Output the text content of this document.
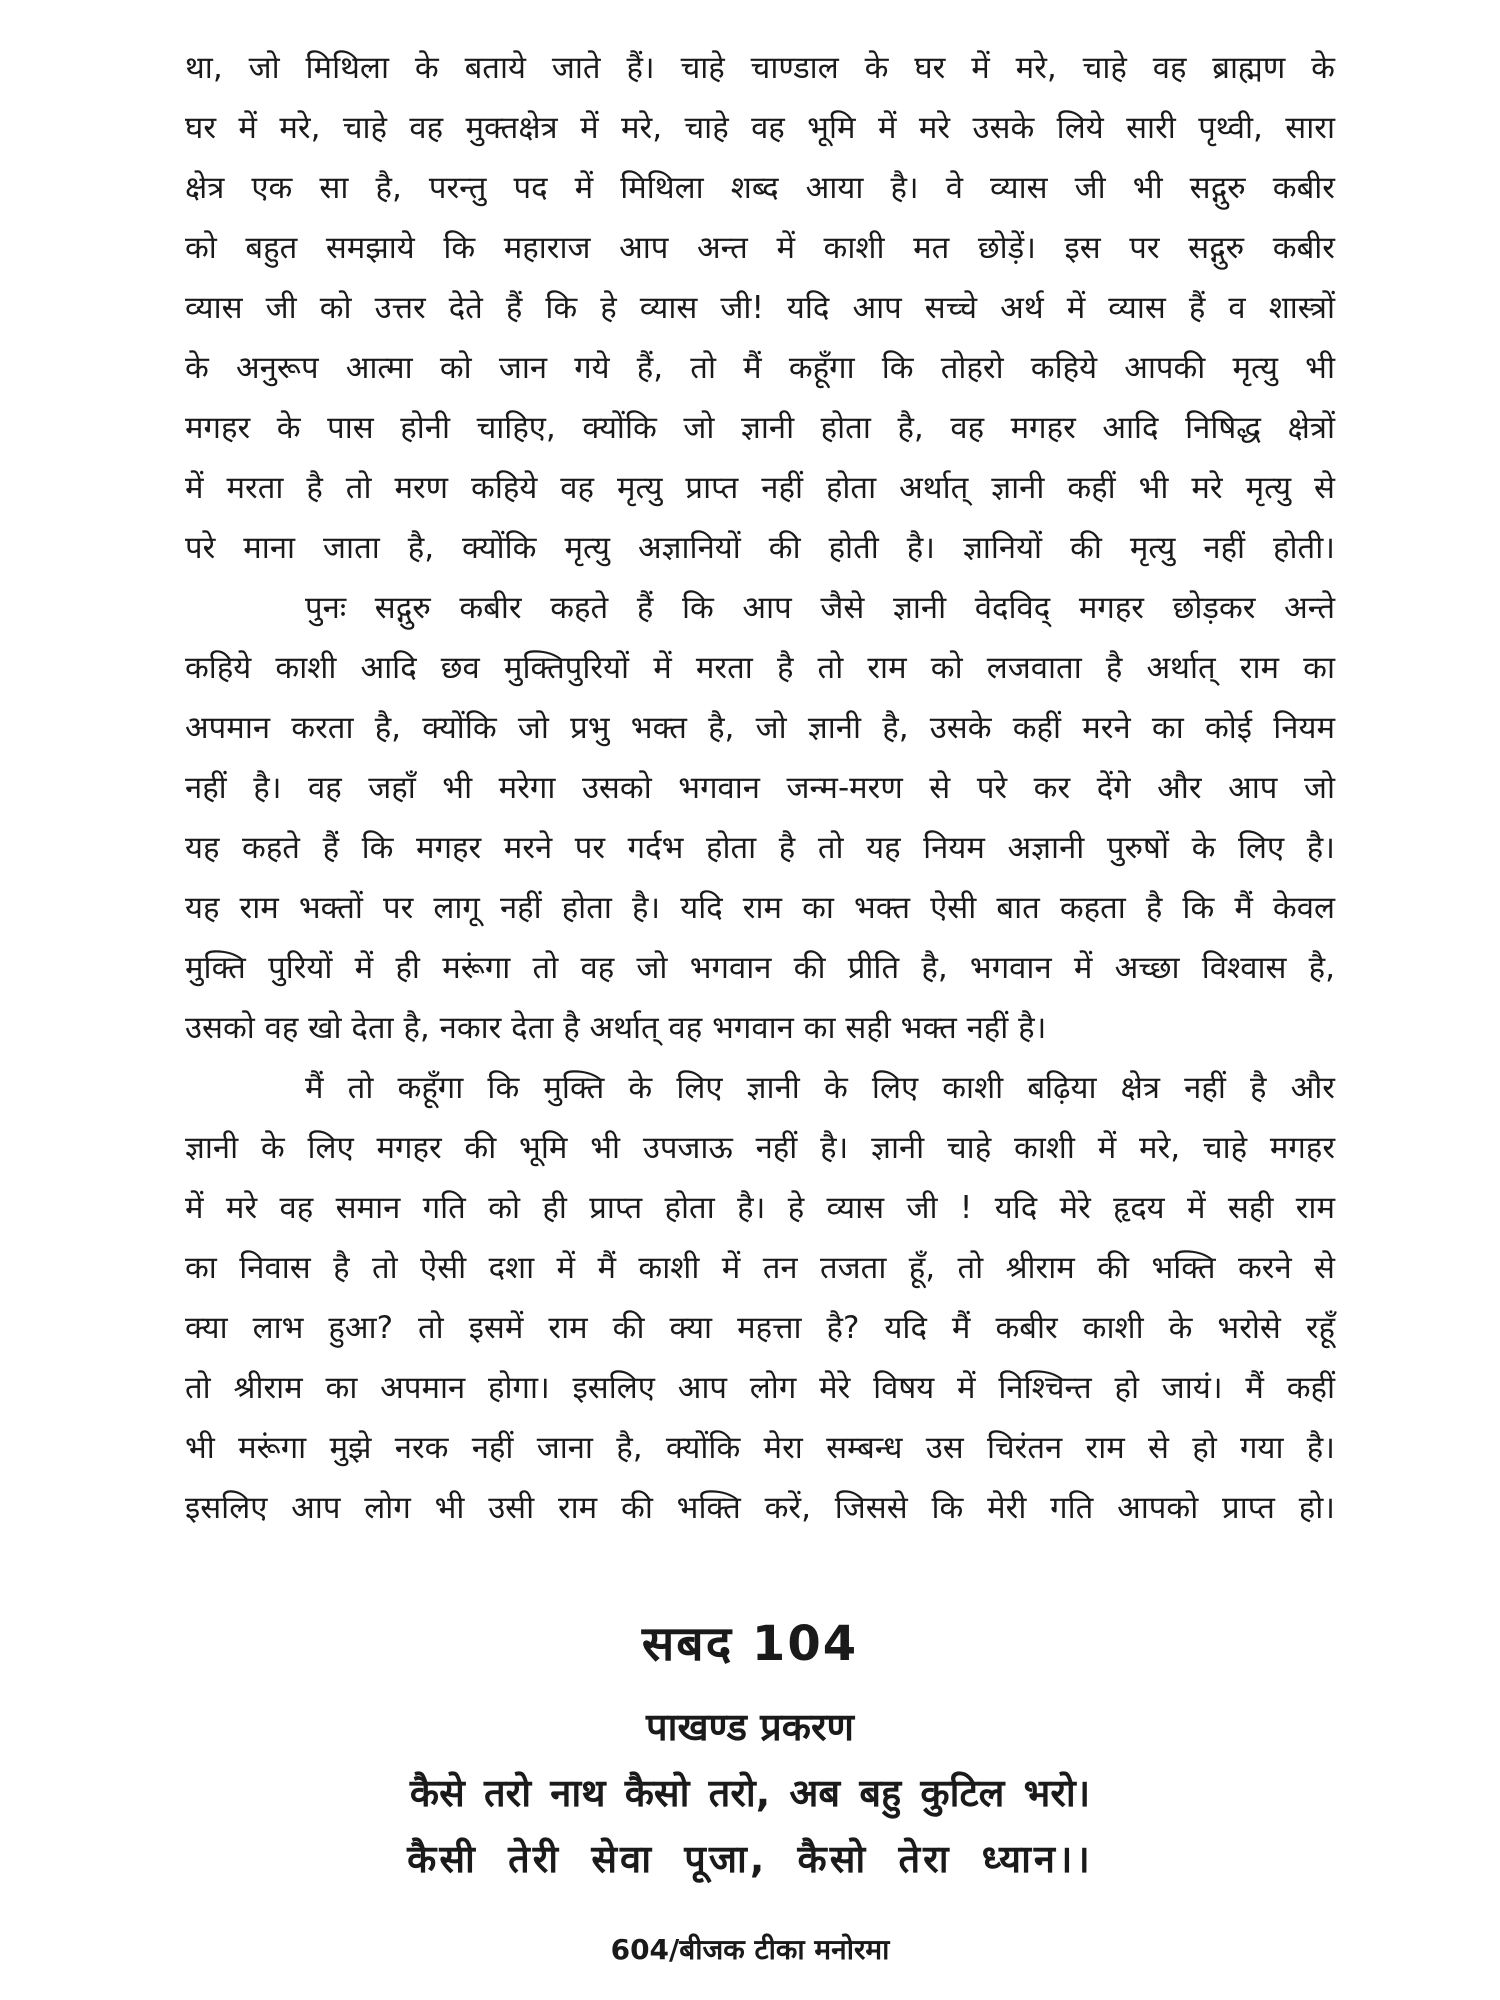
था, जो मिथिला के बताये जाते हैं। चाहे चाण्डाल के घर में मरे, चाहे वह ब्राह्मण के
घर में मरे, चाहे वह मुक्तक्षेत्र में मरे, चाहे वह भूमि में मरे उसके लिये सारी पृथ्वी, सारा
क्षेत्र एक सा है, परन्तु पद में मिथिला शब्द आया है। वे व्यास जी भी सद्गुरु कबीर
को बहुत समझाये कि महाराज आप अन्त में काशी मत छोड़ें। इस पर सद्गुरु कबीर
व्यास जी को उत्तर देते हैं कि हे व्यास जी! यदि आप सच्चे अर्थ में व्यास हैं व शास्त्रों
के अनुरूप आत्मा को जान गये हैं, तो मैं कहूँगा कि तोहरो कहिये आपकी मृत्यु भी
मगहर के पास होनी चाहिए, क्योंकि जो ज्ञानी होता है, वह मगहर आदि निषिद्ध क्षेत्रों
में मरता है तो मरण कहिये वह मृत्यु प्राप्त नहीं होता अर्थात् ज्ञानी कहीं भी मरे मृत्यु से
परे माना जाता है, क्योंकि मृत्यु अज्ञानियों की होती है। ज्ञानियों की मृत्यु नहीं होती।
पुनः सद्गुरु कबीर कहते हैं कि आप जैसे ज्ञानी वेदविद् मगहर छोड़कर अन्ते
कहिये काशी आदि छव मुक्तिपुरियों में मरता है तो राम को लजवाता है अर्थात् राम का
अपमान करता है, क्योंकि जो प्रभु भक्त है, जो ज्ञानी है, उसके कहीं मरने का कोई नियम
नहीं है। वह जहाँ भी मरेगा उसको भगवान जन्म-मरण से परे कर देंगे और आप जो
यह कहते हैं कि मगहर मरने पर गर्दभ होता है तो यह नियम अज्ञानी पुरुषों के लिए है।
यह राम भक्तों पर लागू नहीं होता है। यदि राम का भक्त ऐसी बात कहता है कि मैं केवल
मुक्ति पुरियों में ही मरूंगा तो वह जो भगवान की प्रीति है, भगवान में अच्छा विश्वास है,
उसको वह खो देता है, नकार देता है अर्थात् वह भगवान का सही भक्त नहीं है।
मैं तो कहूँगा कि मुक्ति के लिए ज्ञानी के लिए काशी बढ़िया क्षेत्र नहीं है और
ज्ञानी के लिए मगहर की भूमि भी उपजाऊ नहीं है। ज्ञानी चाहे काशी में मरे, चाहे मगहर
में मरे वह समान गति को ही प्राप्त होता है। हे व्यास जी ! यदि मेरे हृदय में सही राम
का निवास है तो ऐसी दशा में मैं काशी में तन तजता हूँ, तो श्रीराम की भक्ति करने से
क्या लाभ हुआ? तो इसमें राम की क्या महत्ता है? यदि मैं कबीर काशी के भरोसे रहूँ
तो श्रीराम का अपमान होगा। इसलिए आप लोग मेरे विषय में निश्चिन्त हो जायं। मैं कहीं
भी मरूंगा मुझे नरक नहीं जाना है, क्योंकि मेरा सम्बन्ध उस चिरंतन राम से हो गया है।
इसलिए आप लोग भी उसी राम की भक्ति करें, जिससे कि मेरी गति आपको प्राप्त हो।
सबद 104
पाखण्ड प्रकरण
कैसे तरो नाथ कैसो तरो, अब बहु कुटिल भरो।
कैसी तेरी सेवा पूजा, कैसो तेरा ध्यान।।
604/बीजक टीका मनोरमा
